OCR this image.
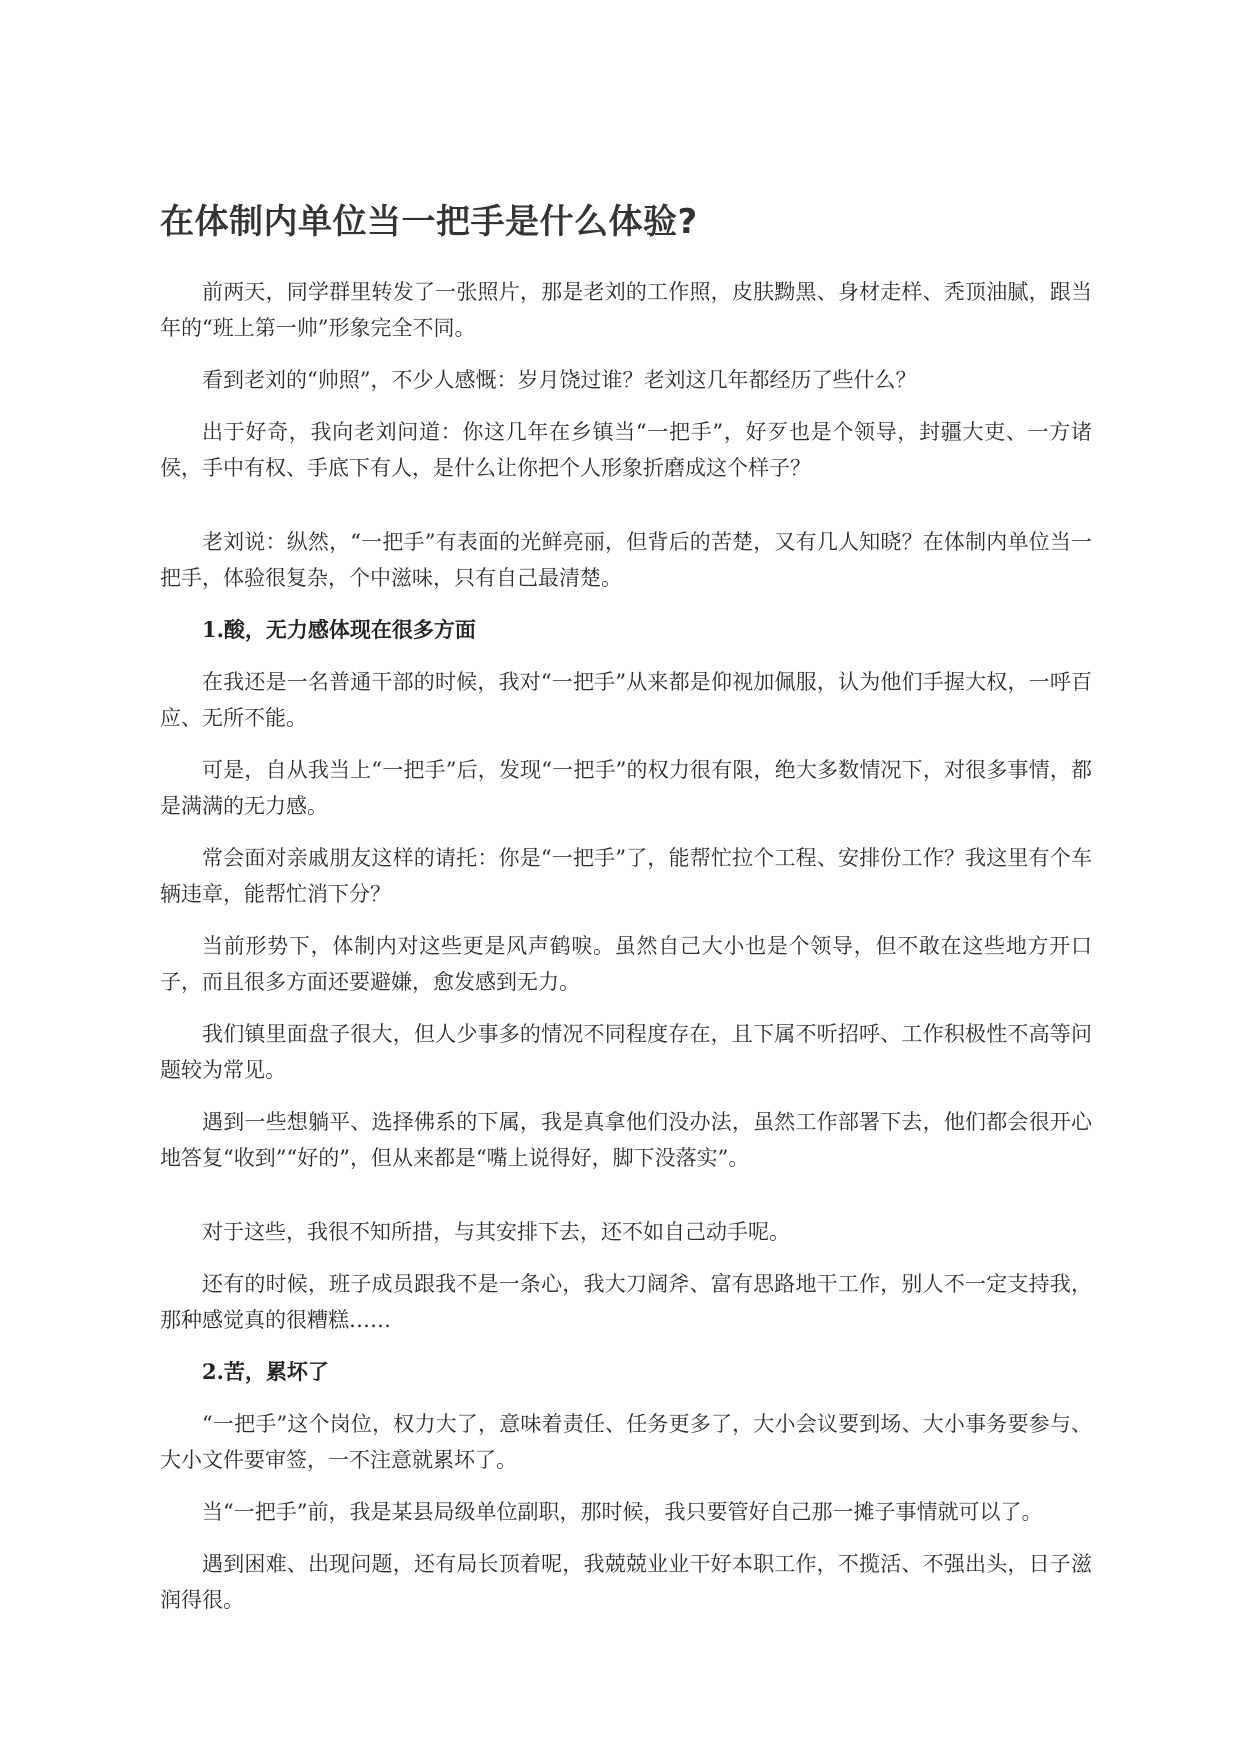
在体制内单位当一把手是什么体验?

前两天，同学群里转发了一张照片，那是老刘的工作照，皮肤黝黑、身材走样、秃顶油腻，跟当年的“班上第一帅”形象完全不同。

看到老刘的“帅照”，不少人感慨：岁月饶过谁？老刘这几年都经历了些什么？

出于好奇，我向老刘问道：你这几年在乡镇当“一把手”，好歹也是个领导，封疆大吏、一方诸侯，手中有权、手底下有人，是什么让你把个人形象折磨成这个样子？

老刘说：纵然，“一把手”有表面的光鲜亮丽，但背后的苦楚，又有几人知晓？在体制内单位当一把手，体验很复杂，个中滋味，只有自己最清楚。

1.酸，无力感体现在很多方面

在我还是一名普通干部的时候，我对“一把手”从来都是仰视加佩服，认为他们手握大权，一呼百应、无所不能。

可是，自从我当上“一把手”后，发现“一把手”的权力很有限，绝大多数情况下，对很多事情，都是满满的无力感。

常会面对亲戚朋友这样的请托：你是“一把手”了，能帮忙拉个工程、安排份工作？我这里有个车辆违章，能帮忙消下分？

当前形势下，体制内对这些更是风声鹤唳。虽然自己大小也是个领导，但不敢在这些地方开口子，而且很多方面还要避嫌，愈发感到无力。

我们镇里面盘子很大，但人少事多的情况不同程度存在，且下属不听招呼、工作积极性不高等问题较为常见。

遇到一些想躺平、选择佛系的下属，我是真拿他们没办法，虽然工作部署下去，他们都会很开心地答复“收到”“好的”，但从来都是“嘴上说得好，脚下没落实”。

对于这些，我很不知所措，与其安排下去，还不如自己动手呢。

还有的时候，班子成员跟我不是一条心，我大刀阔斧、富有思路地干工作，别人不一定支持我，那种感觉真的很糟糕……

2.苦，累坏了

“一把手”这个岗位，权力大了，意味着责任、任务更多了，大小会议要到场、大小事务要参与、大小文件要审签，一不注意就累坏了。

当“一把手”前，我是某县局级单位副职，那时候，我只要管好自己那一摊子事情就可以了。

遇到困难、出现问题，还有局长顶着呢，我兢兢业业干好本职工作，不揽活、不强出头，日子滋润得很。
